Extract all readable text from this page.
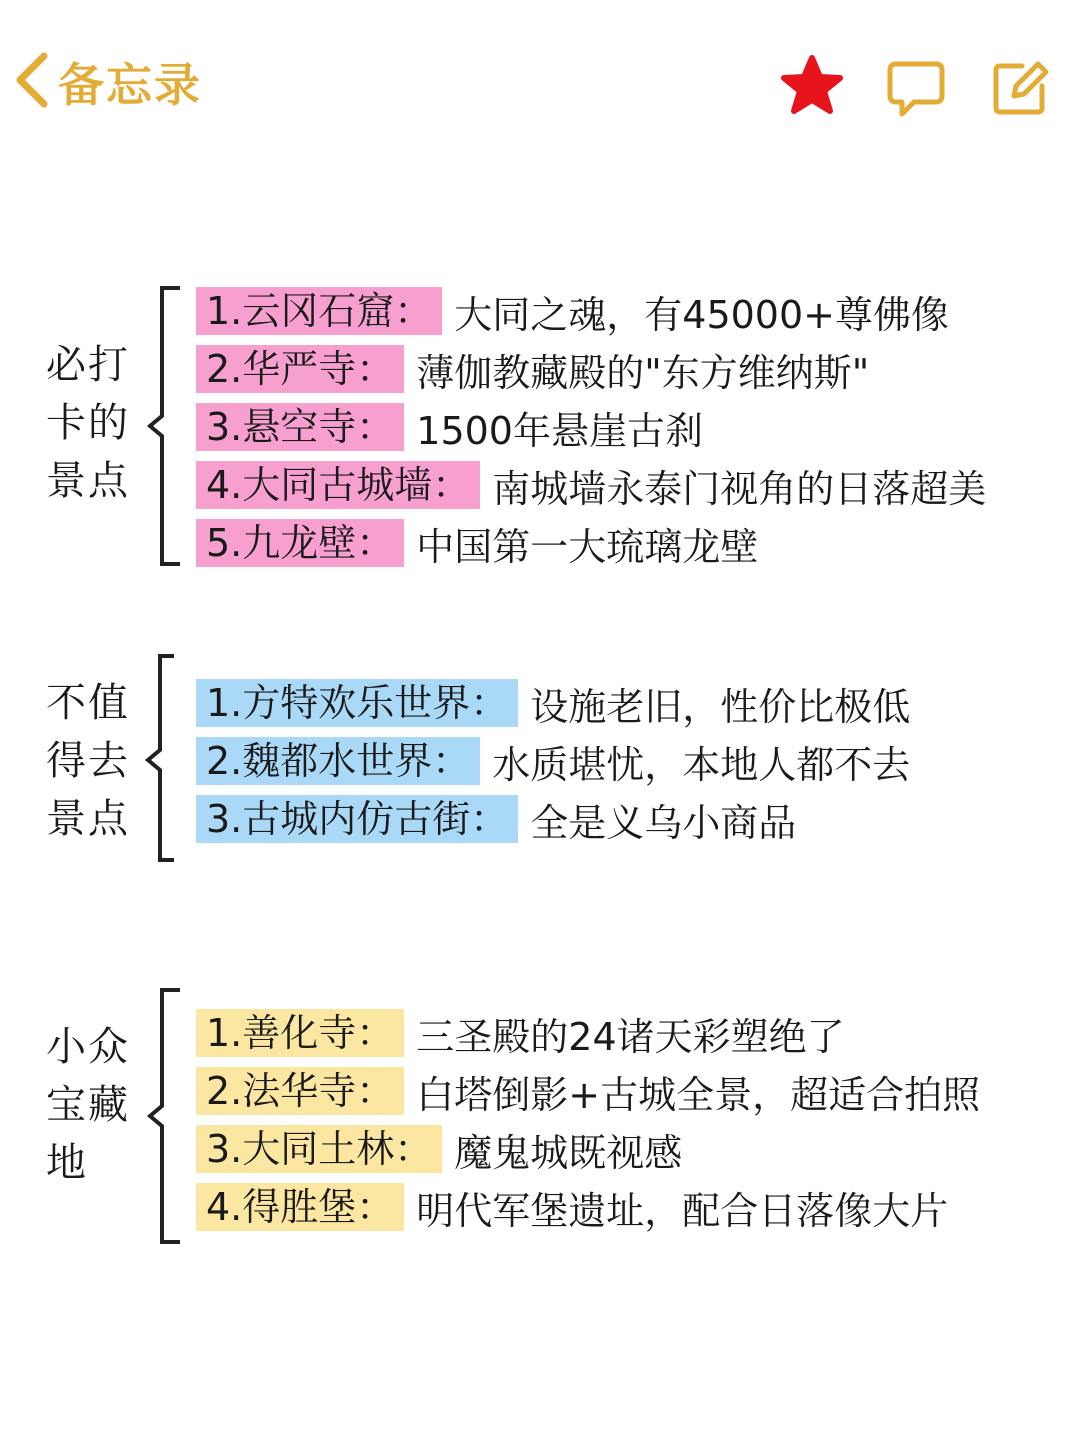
备忘录
必打
卡的
景点
1.云冈石窟： 大同之魂，有45000+尊佛像
2.华严寺： 薄伽教藏殿的"东方维纳斯"
3.悬空寺： 1500年悬崖古刹
4.大同古城墙： 南城墙永泰门视角的日落超美
5.九龙壁： 中国第一大琉璃龙壁
不值
得去
景点
1.方特欢乐世界： 设施老旧，性价比极低
2.魏都水世界： 水质堪忧，本地人都不去
3.古城内仿古街： 全是义乌小商品
小众
宝藏
地
1.善化寺： 三圣殿的24诸天彩塑绝了
2.法华寺： 白塔倒影+古城全景，超适合拍照
3.大同土林： 魔鬼城既视感
4.得胜堡： 明代军堡遗址，配合日落像大片
